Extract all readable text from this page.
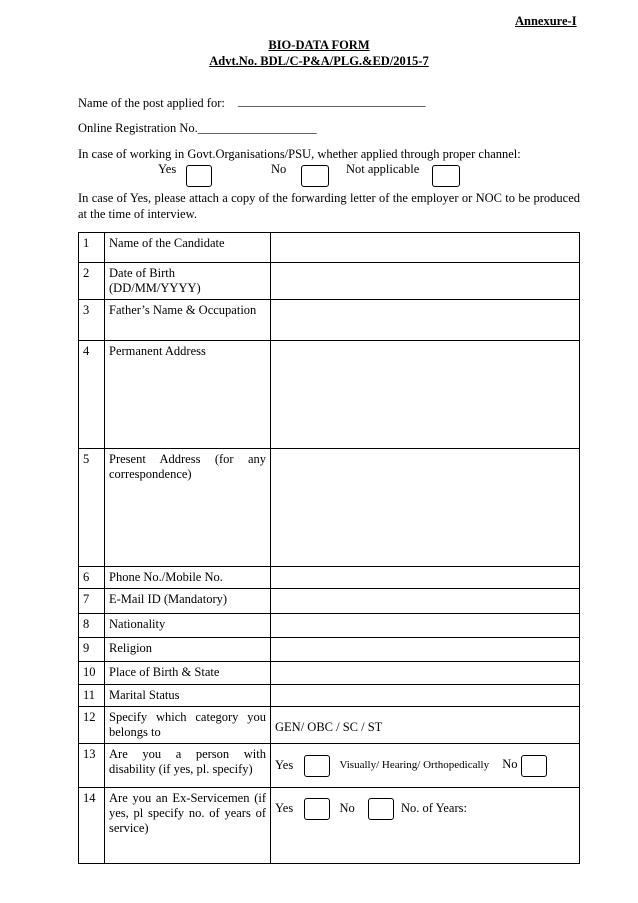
Annexure-I
BIO-DATA FORM
Advt.No. BDL/C-P&A/PLG.&ED/2015-7
Name of the post applied for: ______________________________
Online Registration No.___________________
In case of working in Govt.Organisations/PSU, whether applied through proper channel:
Yes	No	Not applicable
In case of Yes, please attach a copy of the forwarding letter of the employer or NOC to be produced at the time of interview.
1	Name of the Candidate	
2	Date of Birth (DD/MM/YYYY)	
3	Father’s Name & Occupation	
4	Permanent Address	
5	Present Address (for any correspondence)	
6	Phone No./Mobile No.	
7	E-Mail ID (Mandatory)	
8	Nationality	
9	Religion	
10	Place of Birth & State	
11	Marital Status	
12	Specify which category you belongs to	GEN/ OBC / SC / ST
13	Are you a person with disability (if yes, pl. specify)	Yes Visually/ Hearing/ Orthopedically No
14	Are you an Ex-Servicemen (if yes, pl specify no. of years of service)	Yes No No. of Years:
